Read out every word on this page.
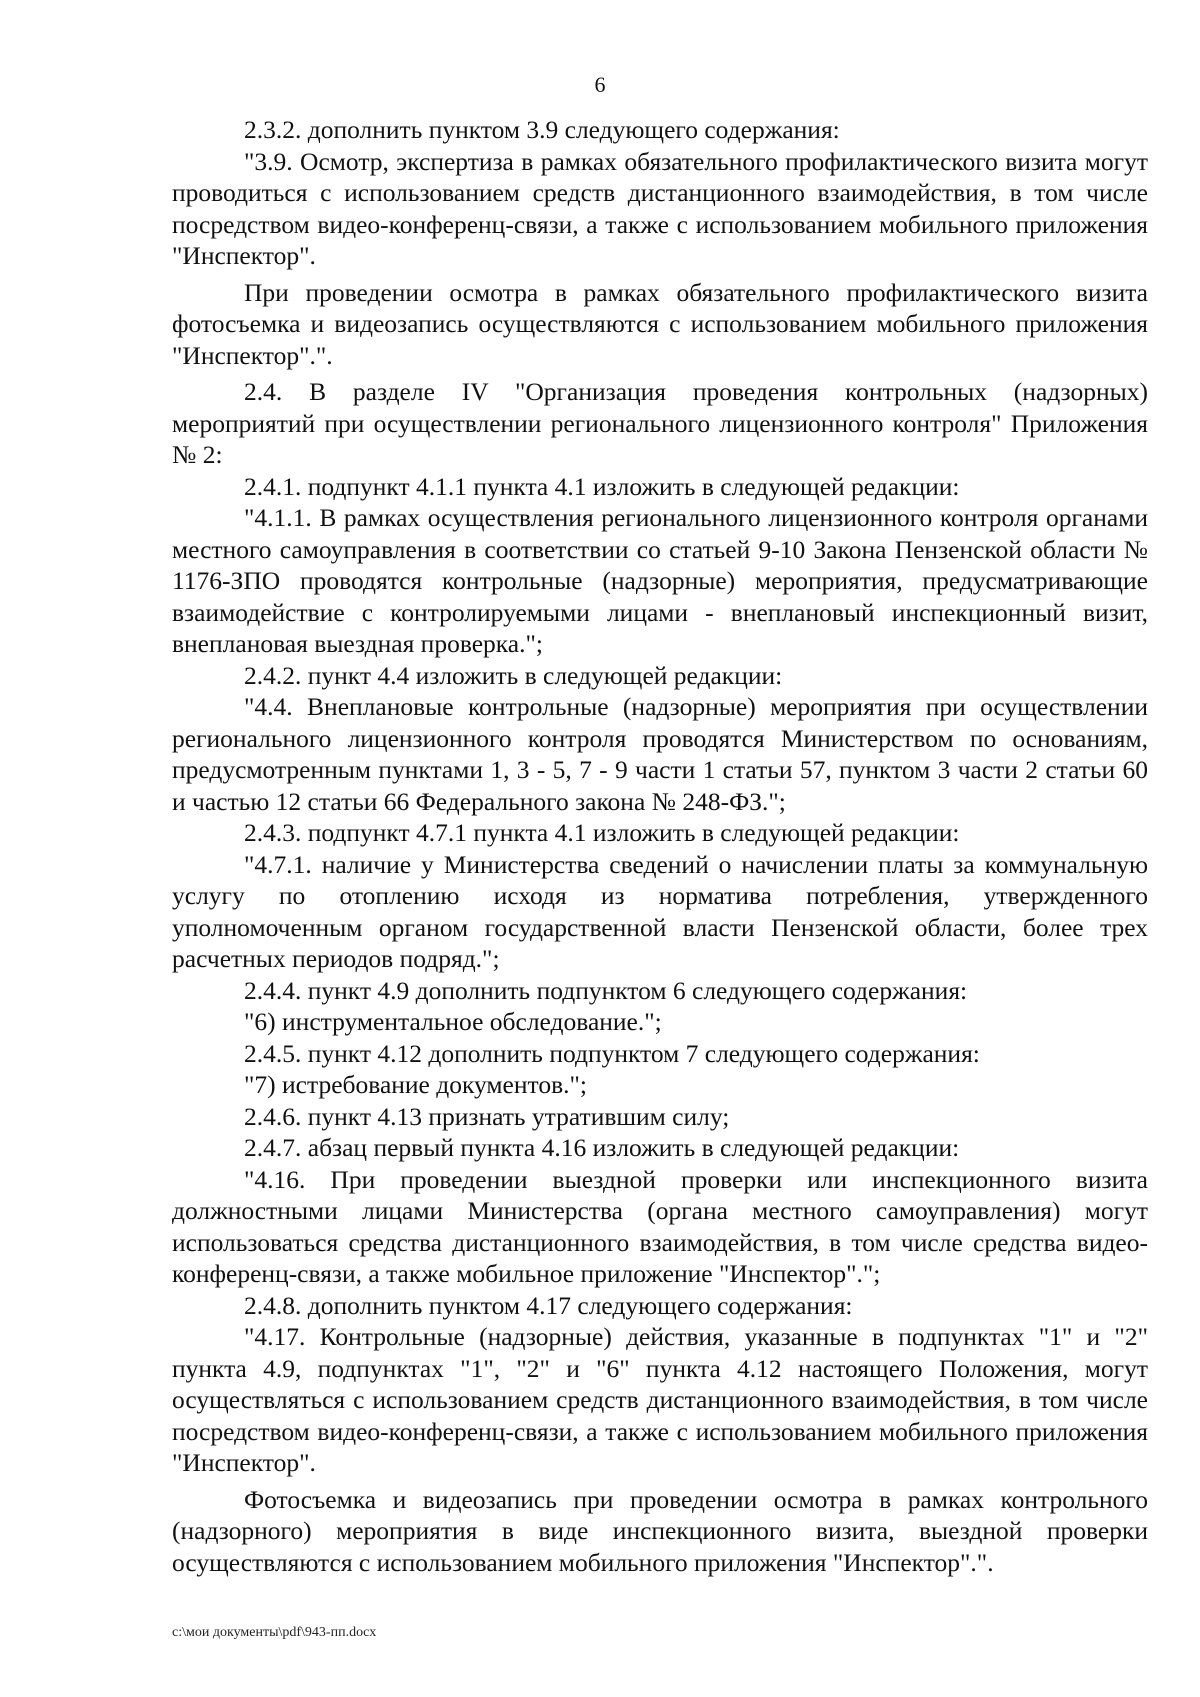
6

2.3.2. дополнить пунктом 3.9 следующего содержания:

"3.9. Осмотр, экспертиза в рамках обязательного профилактического визита могут проводиться с использованием средств дистанционного взаимодействия, в том числе посредством видео-конференц-связи, а также с использованием мобильного приложения "Инспектор".

При проведении осмотра в рамках обязательного профилактического визита фотосъемка и видеозапись осуществляются с использованием мобильного приложения "Инспектор".".

2.4. В разделе IV "Организация проведения контрольных (надзорных) мероприятий при осуществлении регионального лицензионного контроля" Приложения № 2:

2.4.1. подпункт 4.1.1 пункта 4.1 изложить в следующей редакции:

"4.1.1. В рамках осуществления регионального лицензионного контроля органами местного самоуправления в соответствии со статьей 9-10 Закона Пензенской области № 1176-ЗПО проводятся контрольные (надзорные) мероприятия, предусматривающие взаимодействие с контролируемыми лицами - внеплановый инспекционный визит, внеплановая выездная проверка.";

2.4.2. пункт 4.4 изложить в следующей редакции:

"4.4. Внеплановые контрольные (надзорные) мероприятия при осуществлении регионального лицензионного контроля проводятся Министерством по основаниям, предусмотренным пунктами 1, 3 - 5, 7 - 9 части 1 статьи 57, пунктом 3 части 2 статьи 60 и частью 12 статьи 66 Федерального закона № 248-ФЗ.";

2.4.3. подпункт 4.7.1 пункта 4.1 изложить в следующей редакции:

"4.7.1. наличие у Министерства сведений о начислении платы за коммунальную услугу по отоплению исходя из норматива потребления, утвержденного уполномоченным органом государственной власти Пензенской области, более трех расчетных периодов подряд.";

2.4.4. пункт 4.9 дополнить подпунктом 6 следующего содержания:

"6) инструментальное обследование.";

2.4.5. пункт 4.12 дополнить подпунктом 7 следующего содержания:

"7) истребование документов.";

2.4.6. пункт 4.13 признать утратившим силу;

2.4.7. абзац первый пункта 4.16 изложить в следующей редакции:

"4.16. При проведении выездной проверки или инспекционного визита должностными лицами Министерства (органа местного самоуправления) могут использоваться средства дистанционного взаимодействия, в том числе средства видео-конференц-связи, а также мобильное приложение "Инспектор".";

2.4.8. дополнить пунктом 4.17 следующего содержания:

"4.17. Контрольные (надзорные) действия, указанные в подпунктах "1" и "2" пункта 4.9, подпунктах "1", "2" и "6" пункта 4.12 настоящего Положения, могут осуществляться с использованием средств дистанционного взаимодействия, в том числе посредством видео-конференц-связи, а также с использованием мобильного приложения "Инспектор".

Фотосъемка и видеозапись при проведении осмотра в рамках контрольного (надзорного) мероприятия в виде инспекционного визита, выездной проверки осуществляются с использованием мобильного приложения "Инспектор".".

c:\мои документы\pdf\943-пп.docx
